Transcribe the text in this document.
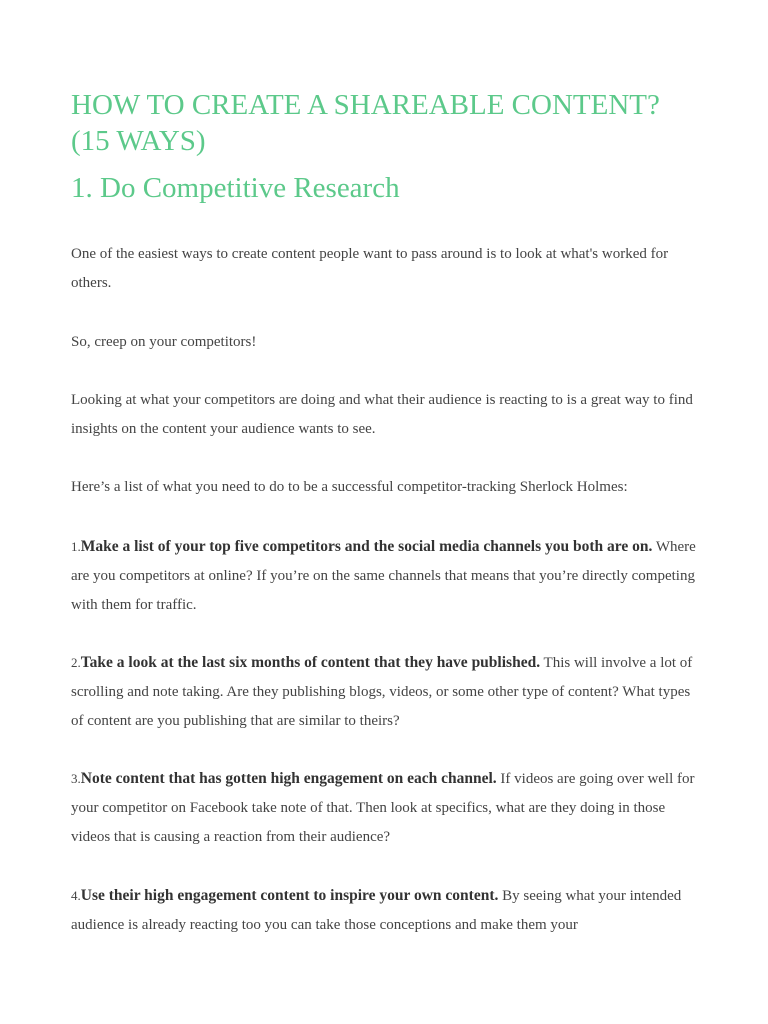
HOW TO CREATE A SHAREABLE CONTENT? (15 WAYS)
1. Do Competitive Research

One of the easiest ways to create content people want to pass around is to look at what's worked for others.

So, creep on your competitors!

Looking at what your competitors are doing and what their audience is reacting to is a great way to find insights on the content your audience wants to see.

Here’s a list of what you need to do to be a successful competitor-tracking Sherlock Holmes:

1.Make a list of your top five competitors and the social media channels you both are on. Where are you competitors at online? If you’re on the same channels that means that you’re directly competing with them for traffic.

2.Take a look at the last six months of content that they have published. This will involve a lot of scrolling and note taking. Are they publishing blogs, videos, or some other type of content? What types of content are you publishing that are similar to theirs?

3.Note content that has gotten high engagement on each channel. If videos are going over well for your competitor on Facebook take note of that. Then look at specifics, what are they doing in those videos that is causing a reaction from their audience?

4.Use their high engagement content to inspire your own content. By seeing what your intended audience is already reacting too you can take those conceptions and make them your
